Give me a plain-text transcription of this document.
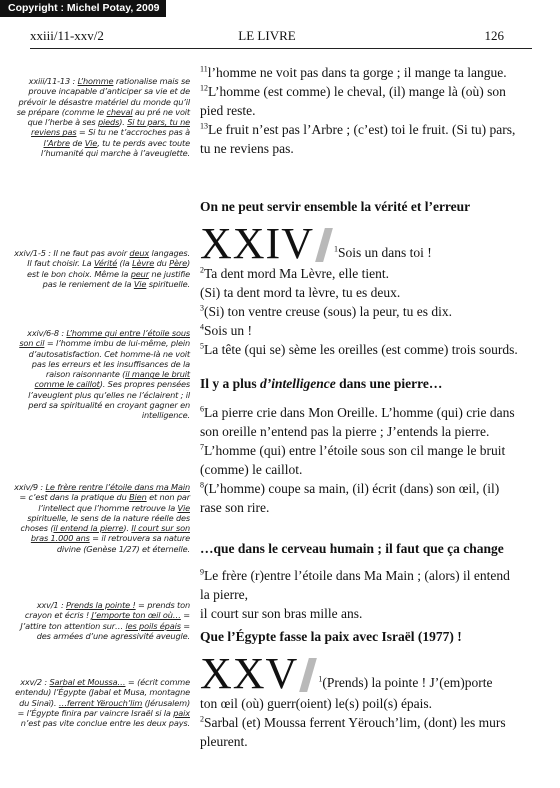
Copyright : Michel Potay, 2009
xxiii/11-xxv/2	LE LIVRE	126
xxiii/11-13 : L’homme rationalise mais se prouve incapable d’anticiper sa vie et de prévoir le désastre matériel du monde qu’il se prépare (comme le cheval au pré ne voit que l’herbe à ses pieds). Si tu pars, tu ne reviens pas = Si tu ne t’accroches pas à l’Arbre de Vie, tu te perds avec toute l’humanité qui marche à l’aveuglette.
xxiv/1-5 : Il ne faut pas avoir deux langages. Il faut choisir. La Vérité (la Lèvre du Père) est le bon choix. Même la peur ne justifie pas le reniement de la Vie spirituelle.
xxiv/6-8 : L’homme qui entre l’étoile sous son cil = l’homme imbu de lui-même, plein d’autosatisfaction. Cet homme-là ne voit pas les erreurs et les insuffisances de la raison raisonnante (il mange le bruit comme le caillot). Ses propres pensées l’aveuglent plus qu’elles ne l’éclairent ; il perd sa spiritualité en croyant gagner en intelligence.
xxiv/9 : Le frère rentre l’étoile dans ma Main = c’est dans la pratique du Bien et non par l’intellect que l’homme retrouve la Vie spirituelle, le sens de la nature réelle des choses (il entend la pierre). Il court sur son bras 1.000 ans = il retrouvera sa nature divine (Genèse 1/27) et éternelle.
xxv/1 : Prends la pointe ! = prends ton crayon et écris ! J’emporte ton œil où… = J’attire ton attention sur… les poils épais = des armées d’une agressivité aveugle.
xxv/2 : Sarbal et Moussa… = (écrit comme entendu) l’Égypte (Jabal et Musa, montagne du Sinaï). …ferrent Yërouch’lim (Jérusalem) = l’Égypte finira par vaincre Israël si la paix n’est pas vite conclue entre les deux pays.

$^{11}$l’homme ne voit pas dans ta gorge ; il mange ta langue.

$^{12}$L’homme (est comme) le cheval, (il) mange là (où) son pied reste.

$^{13}$Le fruit n’est pas l’Arbre ; (c’est) toi le fruit. (Si tu) pars, tu ne reviens pas.

On ne peut servir ensemble la vérité et l’erreur
XXIV	$^1$Sois un dans toi !

$^2$Ta dent mord Ma Lèvre, elle tient.

(Si) ta dent mord ta lèvre, tu es deux.

$^3$(Si) ton ventre creuse (sous) la peur, tu es dix.

$^4$Sois un !

$^5$La tête (qui se) sème les oreilles (est comme) trois sourds.

Il y a plus d’intelligence dans une pierre…

$^6$La pierre crie dans Mon Oreille. L’homme (qui) crie dans son oreille n’entend pas la pierre ; J’entends la pierre.

$^7$L’homme (qui) entre l’étoile sous son cil mange le bruit (comme) le caillot.

$^8$(L’homme) coupe sa main, (il) écrit (dans) son œil, (il) rase son rire.

…que dans le cerveau humain ; il faut que ça change

$^9$Le frère (r)entre l’étoile dans Ma Main ; (alors) il entend la pierre,

il court sur son bras mille ans.

Que l’Égypte fasse la paix avec Israël (1977) !
XXV	$^1$(Prends) la pointe ! J’(em)porte

ton œil (où) guerr(oient) le(s) poil(s) épais.

$^2$Sarbal (et) Moussa ferrent Yërouch’lim, (dont) les murs pleurent.
